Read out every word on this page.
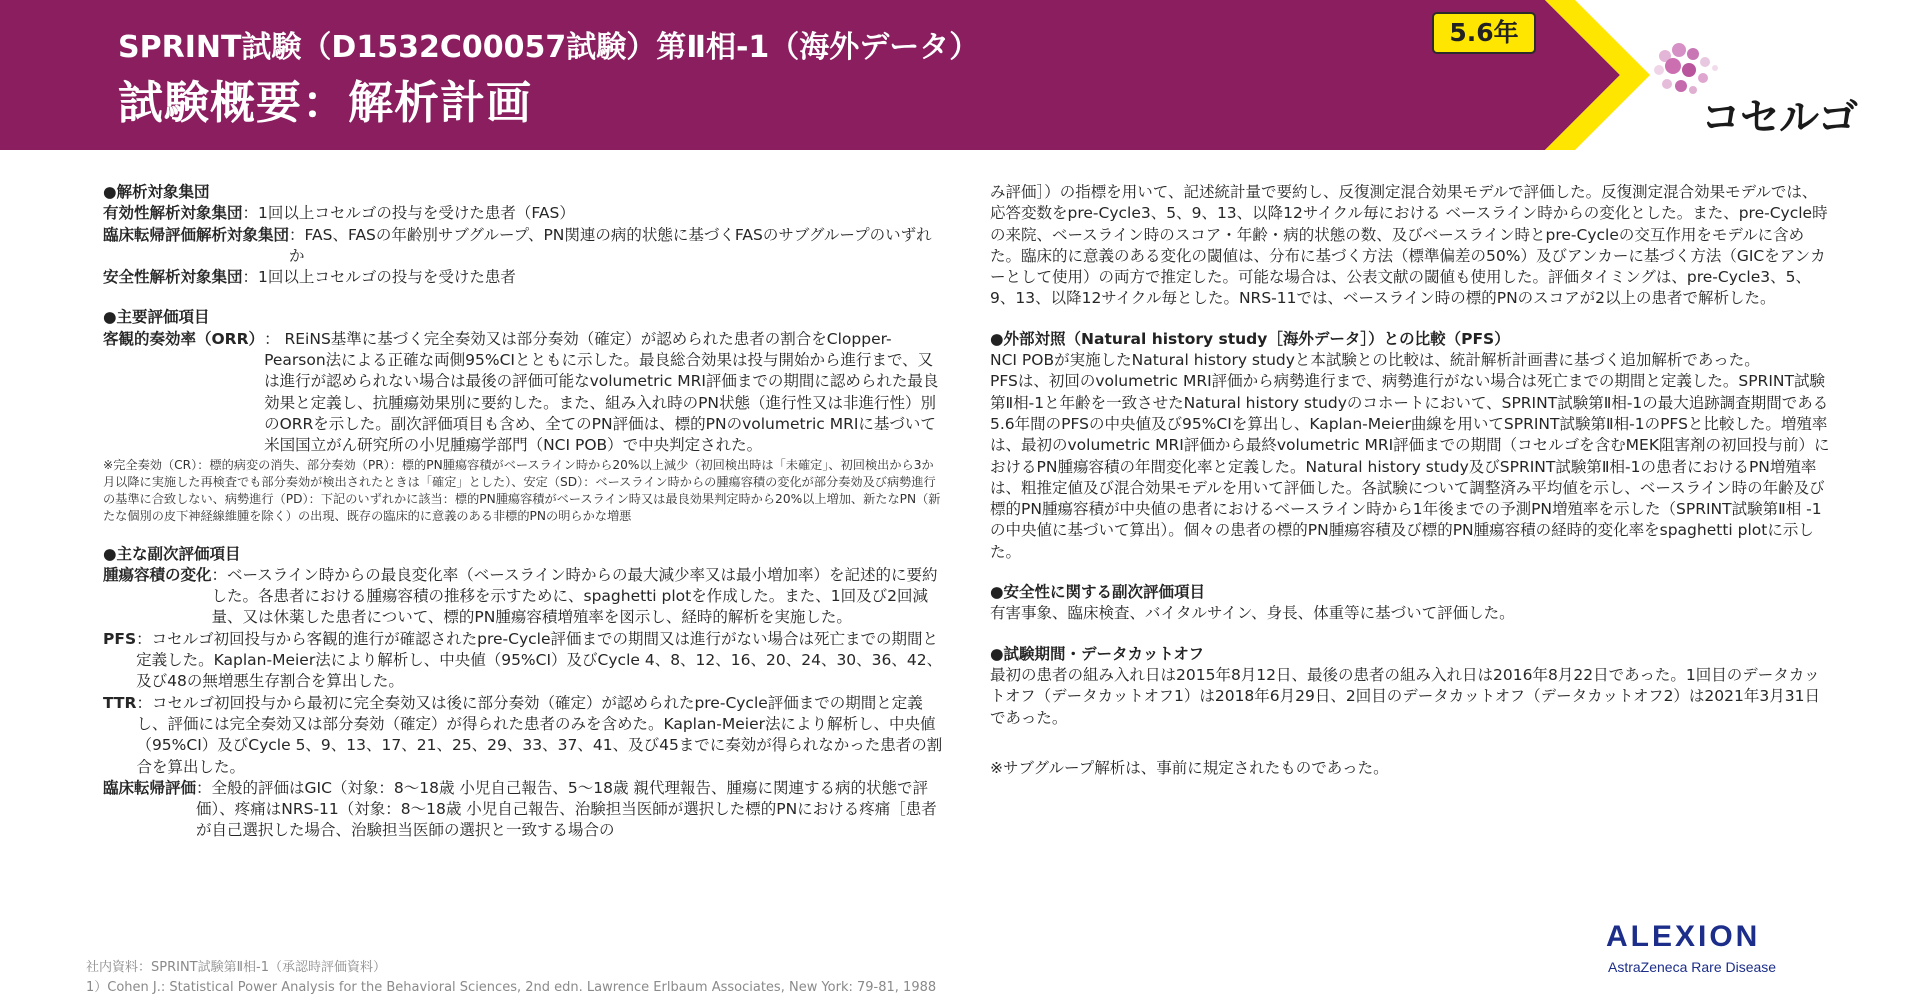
SPRINT試験（D1532C00057試験）第Ⅱ相-1（海外データ）
試験概要：解析計画
5.6年
コセルゴ
●解析対象集団
有効性解析対象集団 ：1回以上コセルゴの投与を受けた患者（FAS）
臨床転帰評価解析対象集団 ：FAS、FASの年齢別サブグループ、PN関連の病的状態に基づくFASのサブグループのいずれか
安全性解析対象集団 ：1回以上コセルゴの投与を受けた患者
●主要評価項目
客観的奏効率（ORR） ： REiNS基準に基づく完全奏効又は部分奏効（確定）が認められた患者の割合をClopper-Pearson法による正確な両側95%CIとともに示した。最良総合効果は投与開始から進行まで、又は進行が認められない場合は最後の評価可能なvolumetric MRI評価までの期間に認められた最良効果と定義し、抗腫瘍効果別に要約した。また、組み入れ時のPN状態（進行性又は非進行性）別のORRを示した。副次評価項目も含め、全てのPN評価は、標的PNのvolumetric MRIに基づいて米国国立がん研究所の小児腫瘍学部門（NCI POB）で中央判定された。

※完全奏効（CR）：標的病変の消失、部分奏効（PR）：標的PN腫瘍容積がベースライン時から20%以上減少（初回検出時は「未確定」、初回検出から3か月以降に実施した再検査でも部分奏効が検出されたときは「確定」とした）、安定（SD）：ベースライン時からの腫瘍容積の変化が部分奏効及び病勢進行の基準に合致しない、病勢進行（PD）：下記のいずれかに該当：標的PN腫瘍容積がベースライン時又は最良効果判定時から20%以上増加、新たなPN（新たな個別の皮下神経線維腫を除く）の出現、既存の臨床的に意義のある非標的PNの明らかな増悪

●主な副次評価項目
腫瘍容積の変化 ：ベースライン時からの最良変化率（ベースライン時からの最大減少率又は最小増加率）を記述的に要約した。各患者における腫瘍容積の推移を示すために、spaghetti plotを作成した。また、1回及び2回減量、又は休薬した患者について、標的PN腫瘍容積増殖率を図示し、経時的解析を実施した。
PFS ：コセルゴ初回投与から客観的進行が確認されたpre-Cycle評価までの期間又は進行がない場合は死亡までの期間と定義した。Kaplan-Meier法により解析し、中央値（95%CI）及びCycle 4、8、12、16、20、24、30、36、42、及び48の無増悪生存割合を算出した。
TTR ：コセルゴ初回投与から最初に完全奏効又は後に部分奏効（確定）が認められたpre-Cycle評価までの期間と定義し、評価には完全奏効又は部分奏効（確定）が得られた患者のみを含めた。Kaplan-Meier法により解析し、中央値（95%CI）及びCycle 5、9、13、17、21、25、29、33、37、41、及び45までに奏効が得られなかった患者の割合を算出した。
臨床転帰評価 ：全般的評価はGIC（対象：8～18歳 小児自己報告、5～18歳 親代理報告、腫瘍に関連する病的状態で評価）、疼痛はNRS-11（対象：8～18歳 小児自己報告、治験担当医師が選択した標的PNにおける疼痛［患者が自己選択した場合、治験担当医師の選択と一致する場合の

み評価］）の指標を用いて、記述統計量で要約し、反復測定混合効果モデルで評価した。反復測定混合効果モデルでは、応答変数をpre-Cycle3、5、9、13、以降12サイクル毎における ベースライン時からの変化とした。また、pre-Cycle時の来院、ベースライン時のスコア・年齢・病的状態の数、及びベースライン時とpre-Cycleの交互作用をモデルに含めた。臨床的に意義のある変化の閾値は、分布に基づく方法（標準偏差の50%）及びアンカーに基づく方法（GICをアンカーとして使用）の両方で推定した。可能な場合は、公表文献の閾値も使用した。評価タイミングは、pre-Cycle3、5、9、13、以降12サイクル毎とした。NRS-11では、ベースライン時の標的PNのスコアが2以上の患者で解析した。

●外部対照（Natural history study［海外データ］）との比較（PFS）

NCI POBが実施したNatural history studyと本試験との比較は、統計解析計画書に基づく追加解析であった。

PFSは、初回のvolumetric MRI評価から病勢進行まで、病勢進行がない場合は死亡までの期間と定義した。SPRINT試験第Ⅱ相-1と年齢を一致させたNatural history studyのコホートにおいて、SPRINT試験第Ⅱ相-1の最大追跡調査期間である5.6年間のPFSの中央値及び95%CIを算出し、Kaplan-Meier曲線を用いてSPRINT試験第Ⅱ相-1のPFSと比較した。増殖率は、最初のvolumetric MRI評価から最終volumetric MRI評価までの期間（コセルゴを含むMEK阻害剤の初回投与前）におけるPN腫瘍容積の年間変化率と定義した。Natural history study及びSPRINT試験第Ⅱ相-1の患者におけるPN増殖率は、粗推定値及び混合効果モデルを用いて評価した。各試験について調整済み平均値を示し、ベースライン時の年齢及び標的PN腫瘍容積が中央値の患者におけるベースライン時から1年後までの予測PN増殖率を示した（SPRINT試験第Ⅱ相 -1の中央値に基づいて算出）。個々の患者の標的PN腫瘍容積及び標的PN腫瘍容積の経時的変化率をspaghetti plotに示した。

●安全性に関する副次評価項目

有害事象、臨床検査、バイタルサイン、身長、体重等に基づいて評価した。

●試験期間・データカットオフ

最初の患者の組み入れ日は2015年8月12日、最後の患者の組み入れ日は2016年8月22日であった。1回目のデータカットオフ（データカットオフ1）は2018年6月29日、2回目のデータカットオフ（データカットオフ2）は2021年3月31日であった。

※サブグループ解析は、事前に規定されたものであった。

社内資料：SPRINT試験第Ⅱ相-1（承認時評価資料）
1）Cohen J.: Statistical Power Analysis for the Behavioral Sciences, 2nd edn. Lawrence Erlbaum Associates, New York: 79-81, 1988
ALEXION
AstraZeneca Rare Disease
